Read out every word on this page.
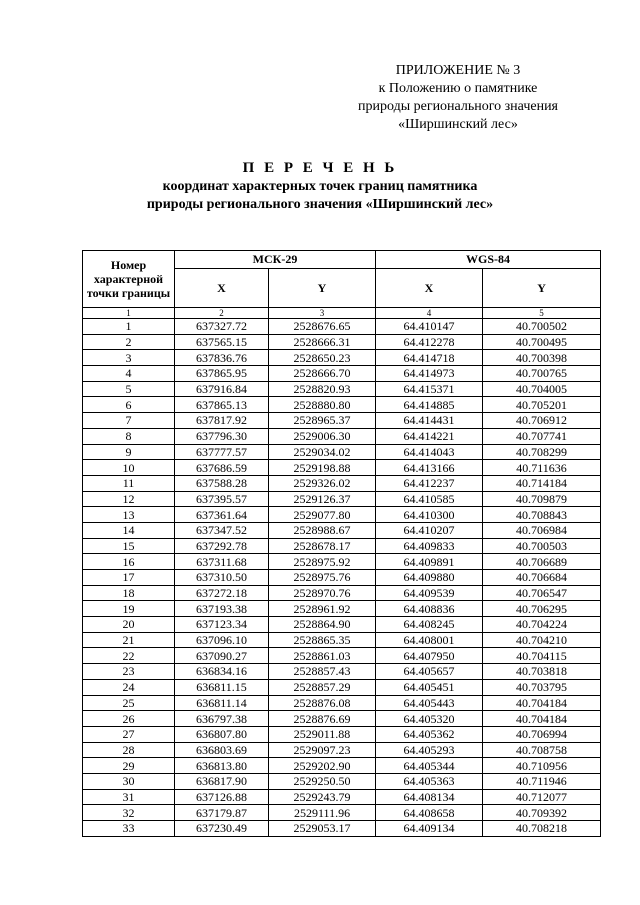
ПРИЛОЖЕНИЕ № 3
к Положению о памятнике
природы регионального значения
«Ширшинский лес»
П Е Р Е Ч Е Н Ь
координат характерных точек границ памятника
природы регионального значения «Ширшинский лес»
Номер характерной точки границы	МСК-29		WGS-84	
	X	Y	X	Y
1	2	3	4	5
1	637327.72	2528676.65	64.410147	40.700502
2	637565.15	2528666.31	64.412278	40.700495
3	637836.76	2528650.23	64.414718	40.700398
4	637865.95	2528666.70	64.414973	40.700765
5	637916.84	2528820.93	64.415371	40.704005
6	637865.13	2528880.80	64.414885	40.705201
7	637817.92	2528965.37	64.414431	40.706912
8	637796.30	2529006.30	64.414221	40.707741
9	637777.57	2529034.02	64.414043	40.708299
10	637686.59	2529198.88	64.413166	40.711636
11	637588.28	2529326.02	64.412237	40.714184
12	637395.57	2529126.37	64.410585	40.709879
13	637361.64	2529077.80	64.410300	40.708843
14	637347.52	2528988.67	64.410207	40.706984
15	637292.78	2528678.17	64.409833	40.700503
16	637311.68	2528975.92	64.409891	40.706689
17	637310.50	2528975.76	64.409880	40.706684
18	637272.18	2528970.76	64.409539	40.706547
19	637193.38	2528961.92	64.408836	40.706295
20	637123.34	2528864.90	64.408245	40.704224
21	637096.10	2528865.35	64.408001	40.704210
22	637090.27	2528861.03	64.407950	40.704115
23	636834.16	2528857.43	64.405657	40.703818
24	636811.15	2528857.29	64.405451	40.703795
25	636811.14	2528876.08	64.405443	40.704184
26	636797.38	2528876.69	64.405320	40.704184
27	636807.80	2529011.88	64.405362	40.706994
28	636803.69	2529097.23	64.405293	40.708758
29	636813.80	2529202.90	64.405344	40.710956
30	636817.90	2529250.50	64.405363	40.711946
31	637126.88	2529243.79	64.408134	40.712077
32	637179.87	2529111.96	64.408658	40.709392
33	637230.49	2529053.17	64.409134	40.708218
